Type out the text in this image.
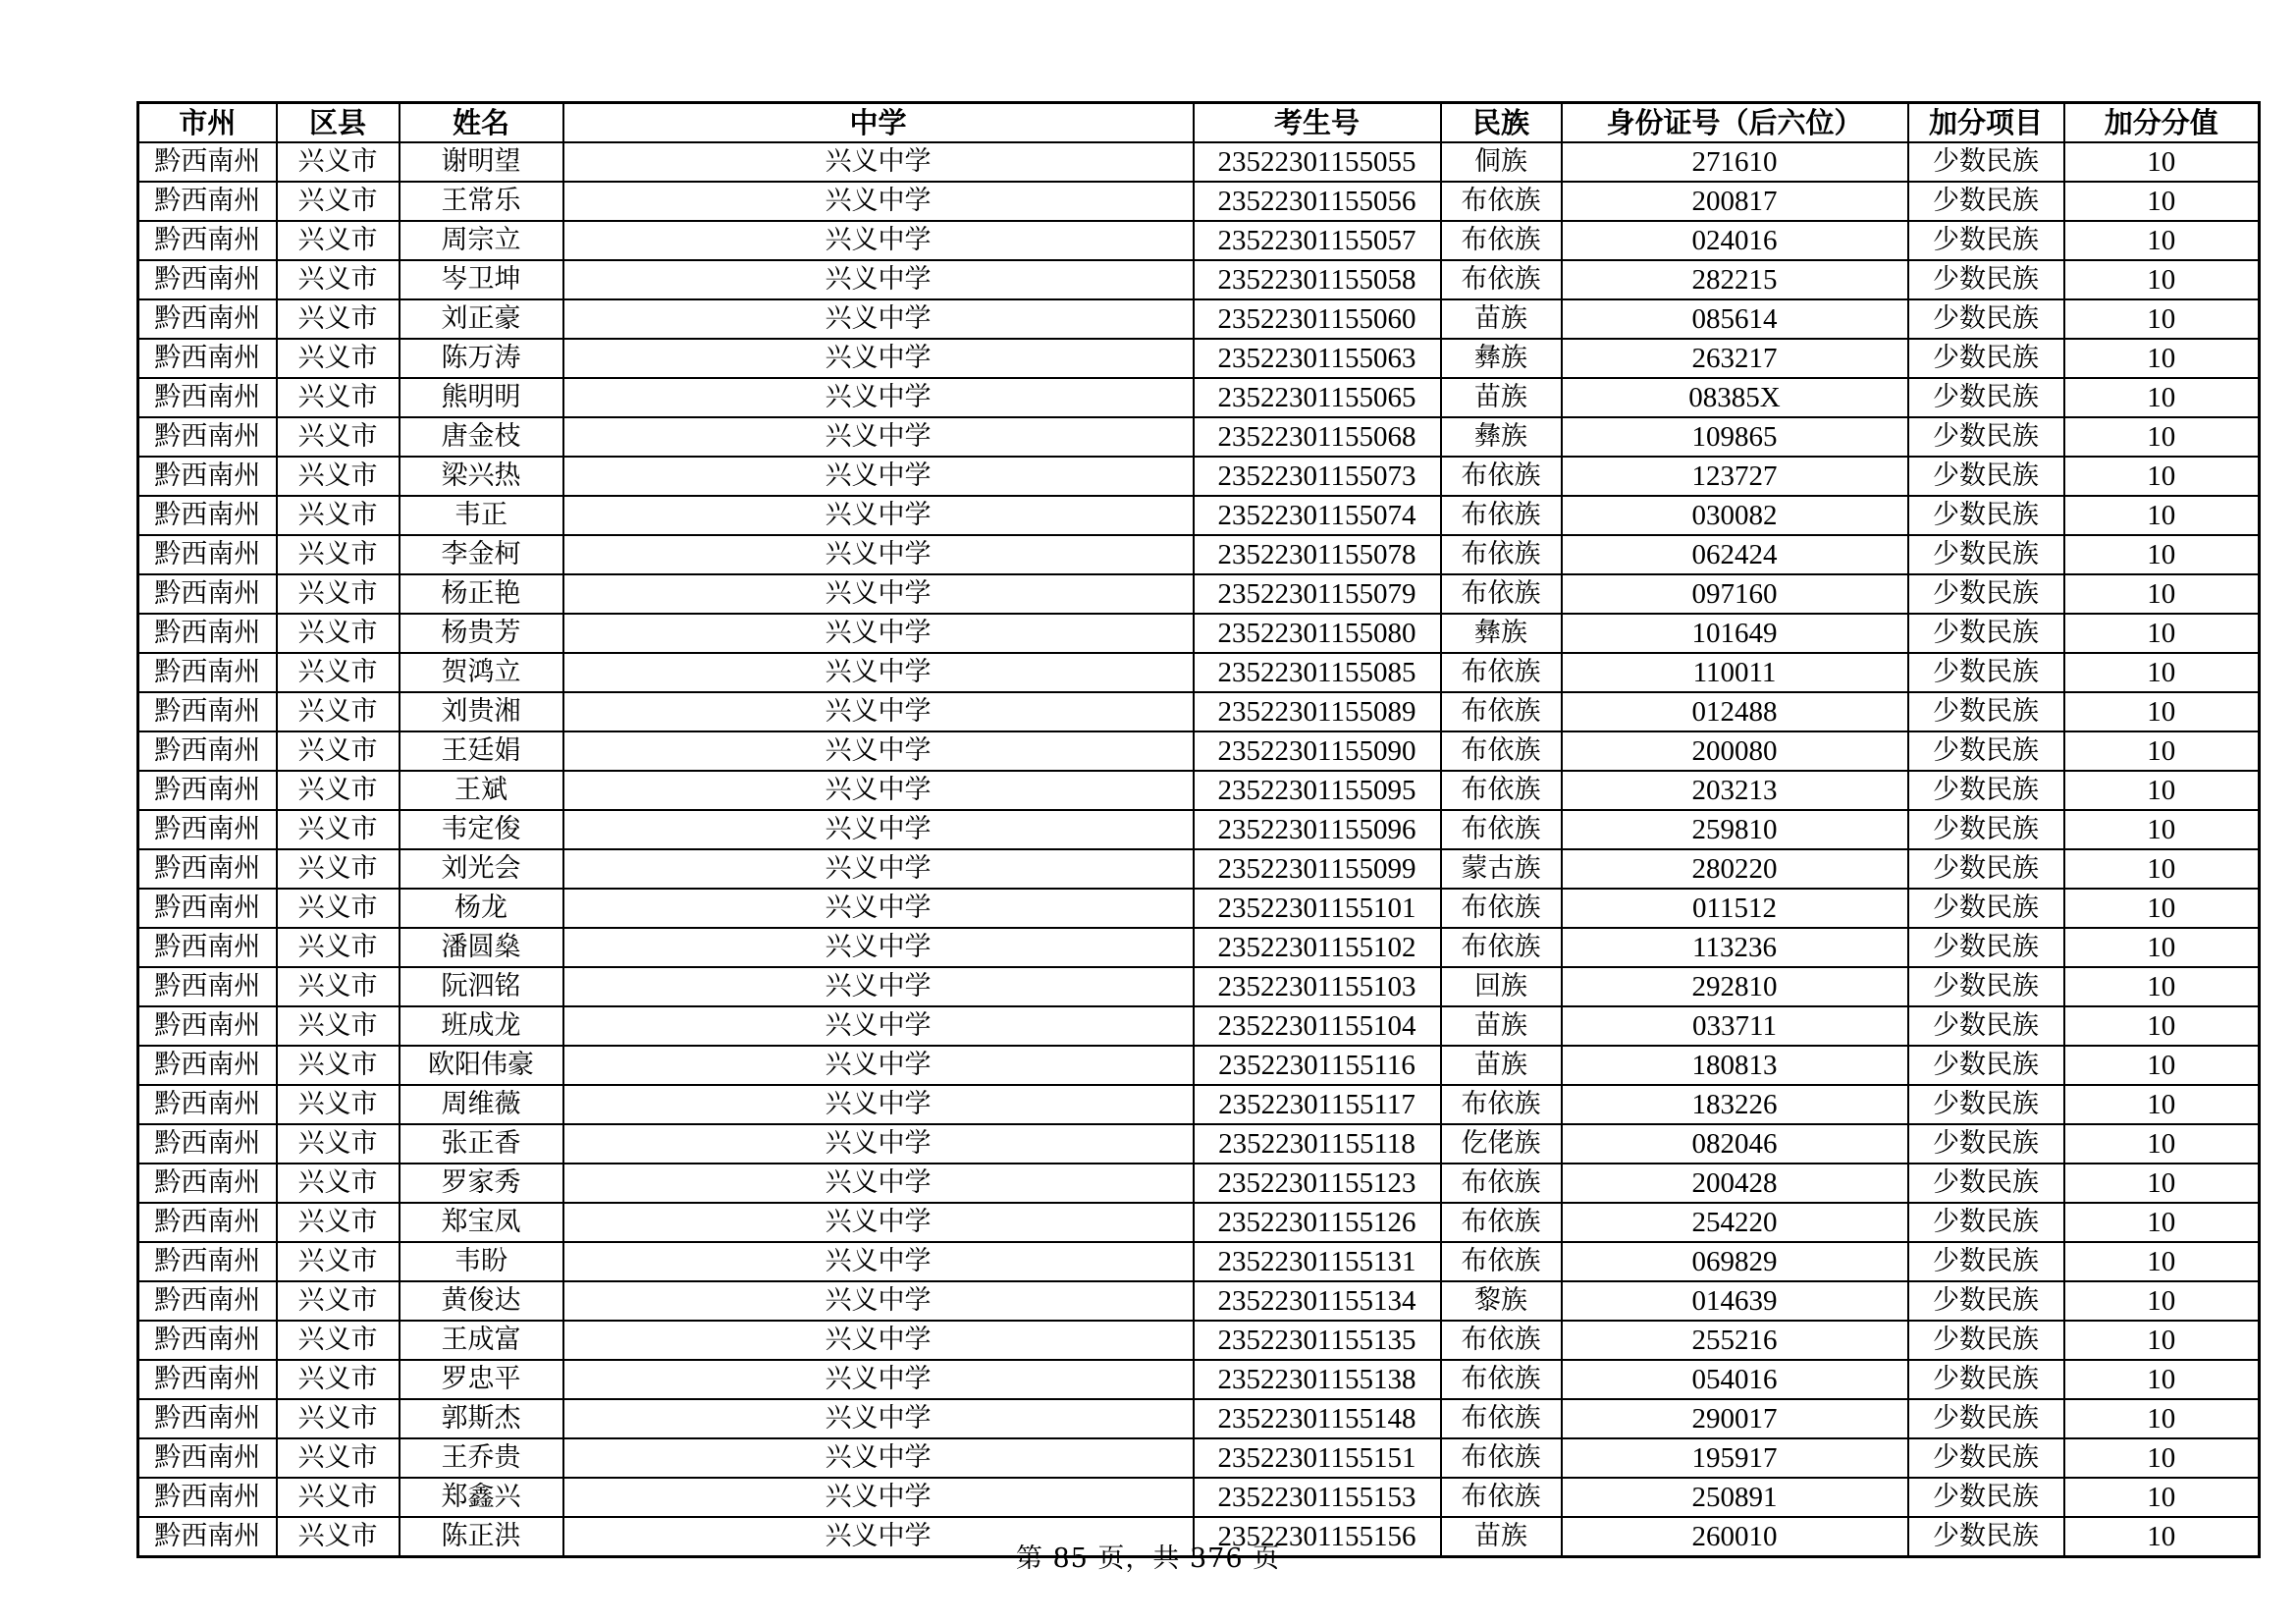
市州	区县	姓名	中学	考生号	民族	身份证号（后六位）	加分项目	加分分值
黔西南州	兴义市	谢明望	兴义中学	23522301155055	侗族	271610	少数民族	10
黔西南州	兴义市	王常乐	兴义中学	23522301155056	布依族	200817	少数民族	10
黔西南州	兴义市	周宗立	兴义中学	23522301155057	布依族	024016	少数民族	10
黔西南州	兴义市	岑卫坤	兴义中学	23522301155058	布依族	282215	少数民族	10
黔西南州	兴义市	刘正豪	兴义中学	23522301155060	苗族	085614	少数民族	10
黔西南州	兴义市	陈万涛	兴义中学	23522301155063	彝族	263217	少数民族	10
黔西南州	兴义市	熊明明	兴义中学	23522301155065	苗族	08385X	少数民族	10
黔西南州	兴义市	唐金枝	兴义中学	23522301155068	彝族	109865	少数民族	10
黔西南州	兴义市	梁兴热	兴义中学	23522301155073	布依族	123727	少数民族	10
黔西南州	兴义市	韦正	兴义中学	23522301155074	布依族	030082	少数民族	10
黔西南州	兴义市	李金柯	兴义中学	23522301155078	布依族	062424	少数民族	10
黔西南州	兴义市	杨正艳	兴义中学	23522301155079	布依族	097160	少数民族	10
黔西南州	兴义市	杨贵芳	兴义中学	23522301155080	彝族	101649	少数民族	10
黔西南州	兴义市	贺鸿立	兴义中学	23522301155085	布依族	110011	少数民族	10
黔西南州	兴义市	刘贵湘	兴义中学	23522301155089	布依族	012488	少数民族	10
黔西南州	兴义市	王廷娟	兴义中学	23522301155090	布依族	200080	少数民族	10
黔西南州	兴义市	王斌	兴义中学	23522301155095	布依族	203213	少数民族	10
黔西南州	兴义市	韦定俊	兴义中学	23522301155096	布依族	259810	少数民族	10
黔西南州	兴义市	刘光会	兴义中学	23522301155099	蒙古族	280220	少数民族	10
黔西南州	兴义市	杨龙	兴义中学	23522301155101	布依族	011512	少数民族	10
黔西南州	兴义市	潘圆燊	兴义中学	23522301155102	布依族	113236	少数民族	10
黔西南州	兴义市	阮泗铭	兴义中学	23522301155103	回族	292810	少数民族	10
黔西南州	兴义市	班成龙	兴义中学	23522301155104	苗族	033711	少数民族	10
黔西南州	兴义市	欧阳伟豪	兴义中学	23522301155116	苗族	180813	少数民族	10
黔西南州	兴义市	周维薇	兴义中学	23522301155117	布依族	183226	少数民族	10
黔西南州	兴义市	张正香	兴义中学	23522301155118	仡佬族	082046	少数民族	10
黔西南州	兴义市	罗家秀	兴义中学	23522301155123	布依族	200428	少数民族	10
黔西南州	兴义市	郑宝凤	兴义中学	23522301155126	布依族	254220	少数民族	10
黔西南州	兴义市	韦盼	兴义中学	23522301155131	布依族	069829	少数民族	10
黔西南州	兴义市	黄俊达	兴义中学	23522301155134	黎族	014639	少数民族	10
黔西南州	兴义市	王成富	兴义中学	23522301155135	布依族	255216	少数民族	10
黔西南州	兴义市	罗忠平	兴义中学	23522301155138	布依族	054016	少数民族	10
黔西南州	兴义市	郭斯杰	兴义中学	23522301155148	布依族	290017	少数民族	10
黔西南州	兴义市	王乔贵	兴义中学	23522301155151	布依族	195917	少数民族	10
黔西南州	兴义市	郑鑫兴	兴义中学	23522301155153	布依族	250891	少数民族	10
黔西南州	兴义市	陈正洪	兴义中学	23522301155156	苗族	260010	少数民族	10
第 85 页，共 376 页
